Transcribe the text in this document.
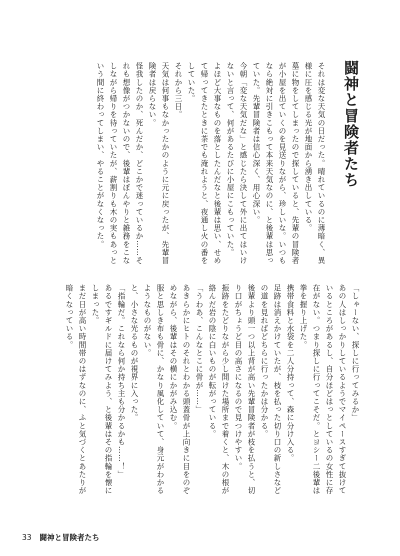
闘神と冒険者たち

それは変な天気の日だった。晴れているのに薄暗く、異様に圧を感じる光が地面から湧き出している。

墓に物をしてしまったので探していると、先輩の冒険者が小屋を出ていくのを見送りながら、珍しいな。いつもなら絶対に引きこもって本来天気なのに、と後輩は思っていた。先輩冒険者は信心深く、用心深い。

今朝「変な天気だな」と感じたら決して外に出てはいけないと言って、何があるたびに小屋にこもっていた。

よほど大事なものを落としたんだなと後輩は思い、せめて帰ってきたときに茶でも淹れようと、夜通し火の番をしていた。

それから三日。

天気は何事もなかったかのように元に戻ったが、先輩冒険者は戻らない。

怪我したのか、死んだか、どこかで迷っているか……それも想像がつかないので、後輩はぼんやりと雑務をこなしながら帰りを待っていたが、薪割りも木の実もあっという間に終わってしまい、やることがなくなった。

「しゃーない、探しに行ってみるか」

あの人はしっかりしているようでマイペースすぎて抜けているところがあるし、自分ほどはっとしているの女性に存在がない。つまり探しに行ってこそだ。とヨシー二後輩は拳を握り上げた。

携帯食料と水袋を二人分持って、森に分け入る。

足跡は消えかけていたが、枝を払った切り口の新しさなどの道を見ればどちらに行ったかは分かる。

後輩より頭一つ以上背が高い先輩冒険者が枝を払うと、切り口がちょうど目の高さになるので見つけやすい。

振跡をたどりながら少し開けた場所まで着くと、木の根が絡んだ岩の陰に白いものが転がっている。

「うわあ、こんなとこに骨が……」

あきらかにヒトのそれとわかる頭蓋骨が上向きに目をのぞめながら、後輩はその横にかがみ込む。

服と思しき布も骨に、かなり風化していて、身元がわかるようなものがない。

と、小さな光るものが視界に入った。

「指輪だ。これなら何か持ち主も分かるかも……！」

あるですギルドに届けてみよう、と後輩はその指輪を懐にしまった。

まだ日が高い時間帯のはずなのに、ふと気づくとあたりが暗くなっている。

33 闘神と冒険者たち
